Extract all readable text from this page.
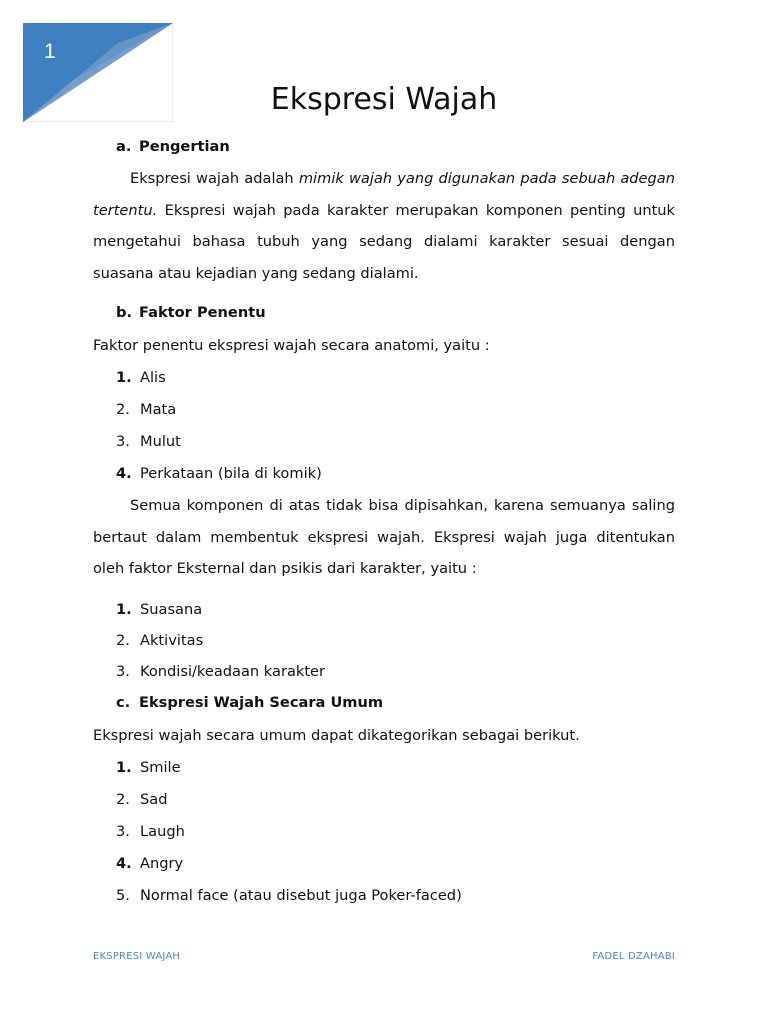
1
Ekspresi Wajah
a. Pengertian

Ekspresi wajah adalah mimik wajah yang digunakan pada sebuah adegan tertentu. Ekspresi wajah pada karakter merupakan komponen penting untuk mengetahui bahasa tubuh yang sedang dialami karakter sesuai dengan suasana atau kejadian yang sedang dialami.

b. Faktor Penentu
Faktor penentu ekspresi wajah secara anatomi, yaitu :
1. Alis
2. Mata
3. Mulut
4. Perkataan (bila di komik)

Semua komponen di atas tidak bisa dipisahkan, karena semuanya saling bertaut dalam membentuk ekspresi wajah. Ekspresi wajah juga ditentukan oleh faktor Eksternal dan psikis dari karakter, yaitu :

1. Suasana
2. Aktivitas
3. Kondisi/keadaan karakter
c. Ekspresi Wajah Secara Umum
Ekspresi wajah secara umum dapat dikategorikan sebagai berikut.
1. Smile
2. Sad
3. Laugh
4. Angry
5. Normal face (atau disebut juga Poker-faced)
EKSPRESI WAJAH	FADEL DZAHABI
